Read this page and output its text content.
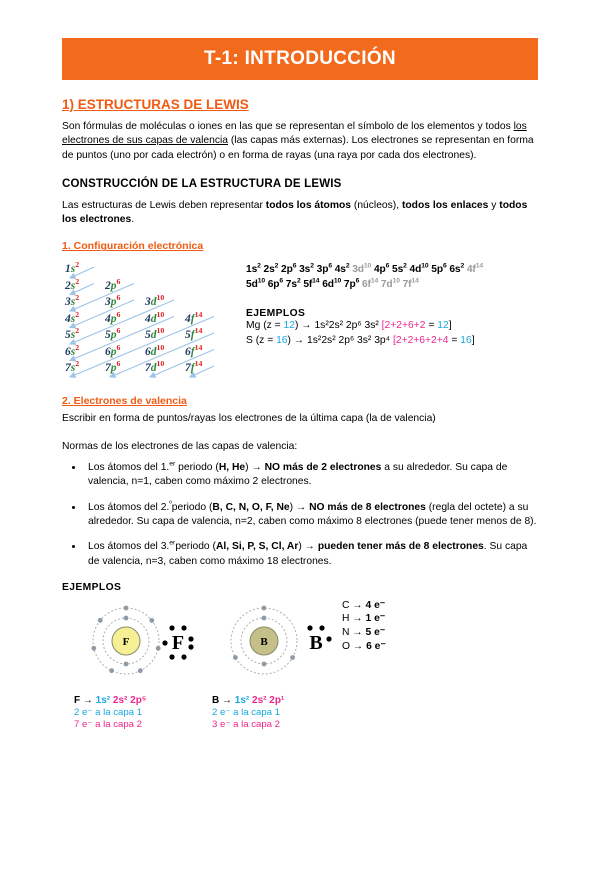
T-1: INTRODUCCIÓN
1) ESTRUCTURAS DE LEWIS

Son fórmulas de moléculas o iones en las que se representan el símbolo de los elementos y todos los electrones de sus capas de valencia (las capas más externas). Los electrones se representan en forma de puntos (uno por cada electrón) o en forma de rayas (una raya por cada dos electrones).

CONSTRUCCIÓN DE LA ESTRUCTURA DE LEWIS

Las estructuras de Lewis deben representar todos los átomos (núcleos), todos los enlaces y todos los electrones.

1. Configuración electrónica
$1s^2$
$2s^2$	$2p^6$
$3s^2$	$3p^6$	$3d^{10}$
$4s^2$	$4p^6$	$4d^{10}$	$4f^{14}$
$5s^2$	$5p^6$	$5d^{10}$	$5f^{14}$
$6s^2$	$6p^6$	$6d^{10}$	$6f^{14}$
$7s^2$	$7p^6$	$7d^{10}$	$7f^{14}$
$1s^2$ $2s^2$ $2p^6$ $3s^2$ $3p^6$ $4s^2$ $3d^{10}$ $4p^6$ $5s^2$ $4d^{10}$ $5p^6$ $6s^2$ $4f^{14}$
$5d^{10}$ $6p^6$ $7s^2$ $5f^{14}$ $6d^{10}$ $7p^6$ $6f^{14}$ $7d^{10}$ $7f^{14}$
EJEMPLOS
Mg (z = 12) → 1s²2s² 2p⁶ 3s² [2+2+6+2 = 12]
S (z = 16) → 1s²2s² 2p⁶ 3s² 3p⁴ [2+2+6+2+4 = 16]
2. Electrones de valencia

Escribir en forma de puntos/rayas los electrones de la última capa (la de valencia)

Normas de los electrones de las capas de valencia:

• Los átomos del 1.$^{er}$ periodo (H, He) → NO más de 2 electrones a su alrededor. Su capa de valencia, n=1, caben como máximo 2 electrones.
• Los átomos del 2.$^º$periodo (B, C, N, O, F, Ne) → NO más de 8 electrones (regla del octete) a su alrededor. Su capa de valencia, n=2, caben como máximo 8 electrones (puede tener menos de 8).
• Los átomos del 3.$^{er}$periodo (Al, Si, P, S, Cl, Ar) → pueden tener más de 8 electrones. Su capa de valencia, n=3, caben como máximo 18 electrones.
EJEMPLOS
C → 4 e⁻
H → 1 e⁻
N → 5 e⁻
O → 6 e⁻
F F
F → 1s² 2s² 2p⁵
2 e⁻ a la capa 1
7 e⁻ a la capa 2
B B
B → 1s² 2s² 2p¹
2 e⁻ a la capa 1
3 e⁻ a la capa 2
